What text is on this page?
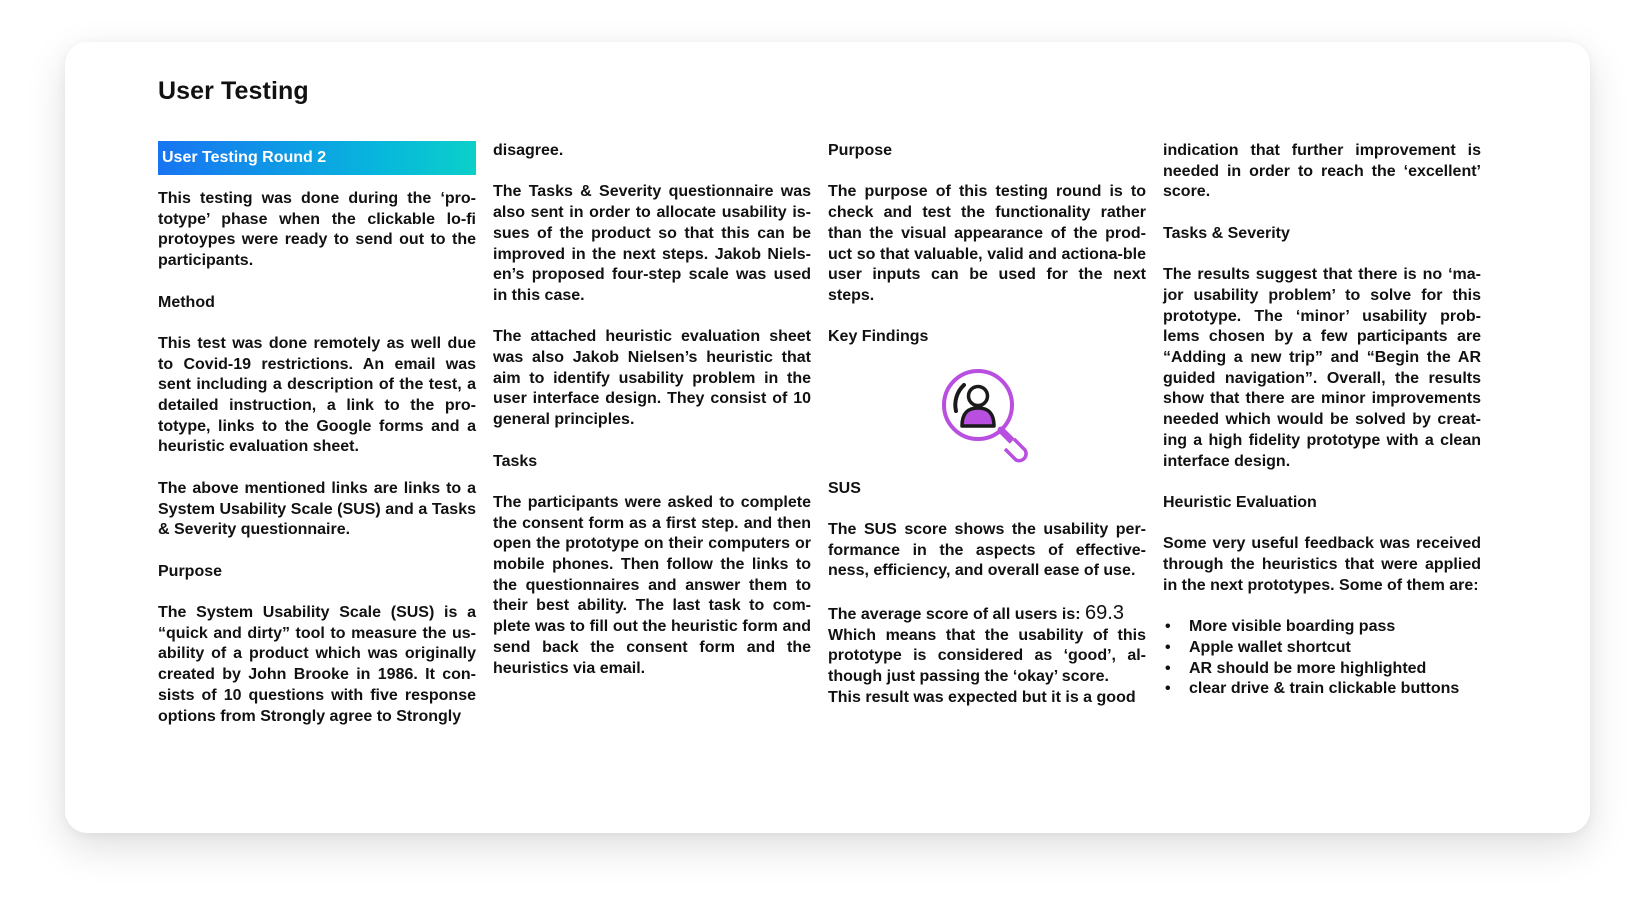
User Testing
User Testing Round 2

This testing was done during the ‘pro-totype’ phase when the clickable lo-fi protoypes were ready to send out to the participants.

Method

This test was done remotely as well due to Covid-19 restrictions. An email was sent including a description of the test, a detailed instruction, a link to the pro-totype, links to the Google forms and a heuristic evaluation sheet.

The above mentioned links are links to a System Usability Scale (SUS) and a Tasks & Severity questionnaire.

Purpose

The System Usability Scale (SUS) is a “quick and dirty” tool to measure the us-ability of a product which was originally created by John Brooke in 1986. It con-sists of 10 questions with five response options from Strongly agree to Strongly

disagree.

The Tasks & Severity questionnaire was also sent in order to allocate usability is-sues of the product so that this can be improved in the next steps. Jakob Niels-en’s proposed four-step scale was used in this case.

The attached heuristic evaluation sheet was also Jakob Nielsen’s heuristic that aim to identify usability problem in the user interface design. They consist of 10 general principles.

Tasks

The participants were asked to complete the consent form as a first step. and then open the prototype on their computers or mobile phones. Then follow the links to the questionnaires and answer them to their best ability. The last task to com-plete was to fill out the heuristic form and send back the consent form and the heuristics via email.

Purpose

The purpose of this testing round is to check and test the functionality rather than the visual appearance of the prod-uct so that valuable, valid and actiona-ble user inputs can be used for the next steps.

Key Findings

SUS

The SUS score shows the usability per-formance in the aspects of effective-ness, efficiency, and overall ease of use.

The average score of all users is: 69.3

Which means that the usability of this prototype is considered as ‘good’, al-though just passing the ‘okay’ score.

This result was expected but it is a good

indication that further improvement is needed in order to reach the ‘excellent’ score.

Tasks & Severity

The results suggest that there is no ‘ma-jor usability problem’ to solve for this prototype. The ‘minor’ usability prob-lems chosen by a few participants are “Adding a new trip” and “Begin the AR guided navigation”. Overall, the results show that there are minor improvements needed which would be solved by creat-ing a high fidelity prototype with a clean interface design.

Heuristic Evaluation

Some very useful feedback was received through the heuristics that were applied in the next prototypes. Some of them are:

• More visible boarding pass
• Apple wallet shortcut
• AR should be more highlighted
• clear drive & train clickable buttons
